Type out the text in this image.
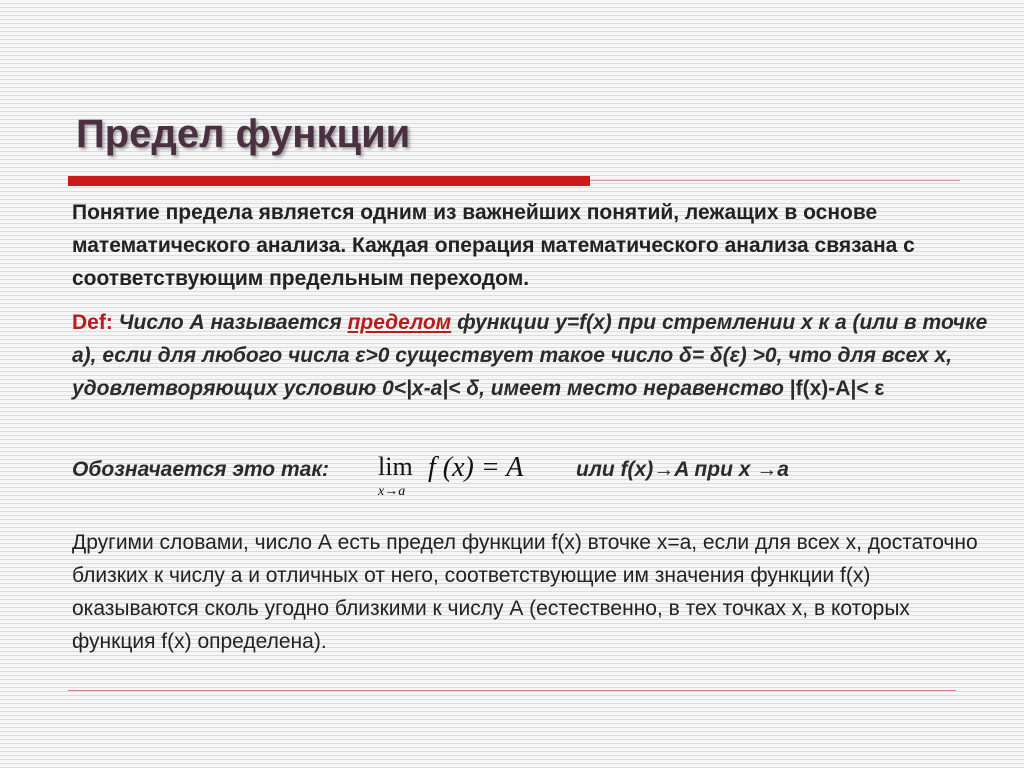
Предел функции

Понятие предела является одним из важнейших понятий, лежащих в основе математического анализа. Каждая операция математического анализа связана с соответствующим предельным переходом.

Def: Число А называется пределом функции y=f(x) при стремлении x к a (или в точке a), если для любого числа ε>0 существует такое число δ= δ(ε) >0, что для всех х, удовлетворяющих условию 0<|x-a|< δ, имеет место неравенство |f(x)-A|< ε

Обозначается это так: lim
x→a
f (x) = A	или f(x)→A при x →a

Другими словами, число А есть предел функции f(x) вточке x=a, если для всех x, достаточно близких к числу a и отличных от него, соответствующие им значения функции f(x) оказываются сколь угодно близкими к числу А (естественно, в тех точках x, в которых функция f(x) определена).
